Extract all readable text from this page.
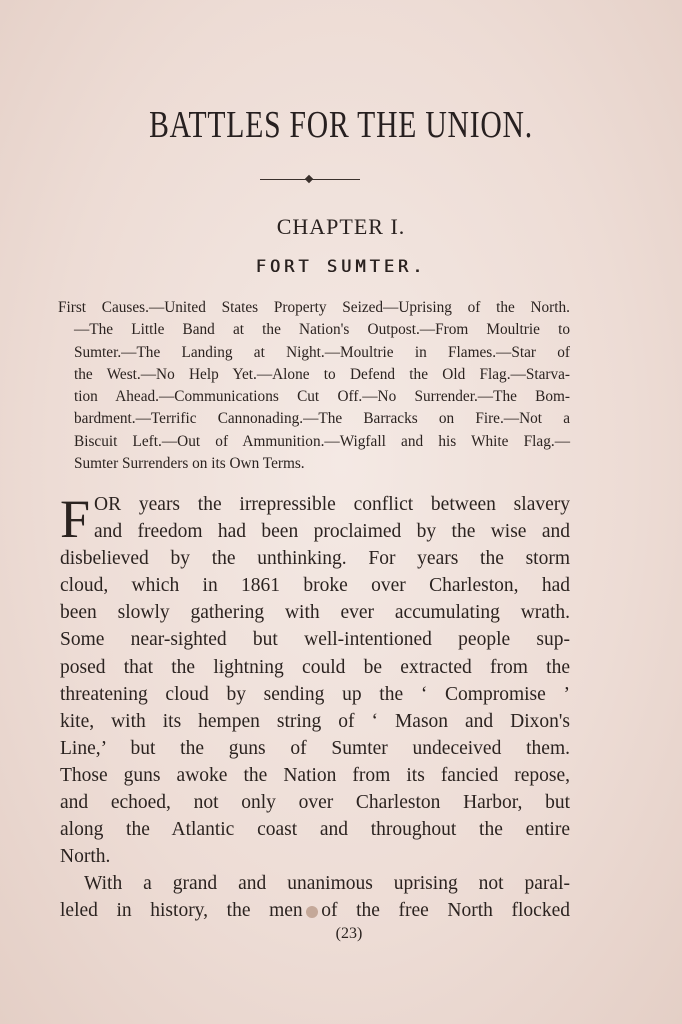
BATTLES FOR THE UNION.
CHAPTER I.
FORT SUMTER.
First Causes.—United States Property Seized—Uprising of the North.
—The Little Band at the Nation's Outpost.—From Moultrie to
Sumter.—The Landing at Night.—Moultrie in Flames.—Star of
the West.—No Help Yet.—Alone to Defend the Old Flag.—Starva-
tion Ahead.—Communications Cut Off.—No Surrender.—The Bom-
bardment.—Terrific Cannonading.—The Barracks on Fire.—Not a
Biscuit Left.—Out of Ammunition.—Wigfall and his White Flag.—
Sumter Surrenders on its Own Terms.
F OR years the irrepressible conflict between slavery
and freedom had been proclaimed by the wise and
disbelieved by the unthinking. For years the storm
cloud, which in 1861 broke over Charleston, had
been slowly gathering with ever accumulating wrath.
Some near-sighted but well-intentioned people sup-
posed that the lightning could be extracted from the
threatening cloud by sending up the ‘ Compromise ’
kite, with its hempen string of ‘ Mason and Dixon's
Line,’ but the guns of Sumter undeceived them.
Those guns awoke the Nation from its fancied repose,
and echoed, not only over Charleston Harbor, but
along the Atlantic coast and throughout the entire
North.
With a grand and unanimous uprising not paral-
leled in history, the men of the free North flocked
(23)
